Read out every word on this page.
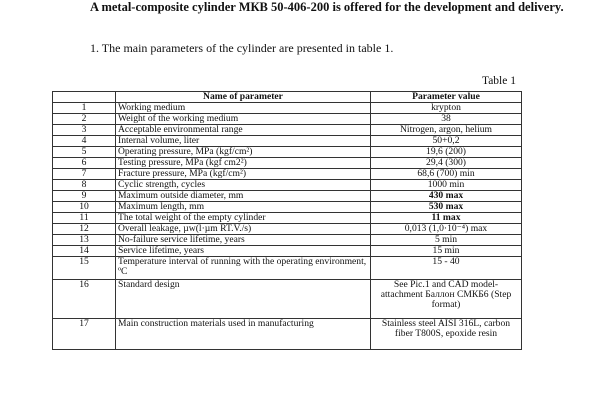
A metal-composite cylinder МКВ 50-406-200 is offered for the development and delivery.
1. The main parameters of the cylinder are presented in table 1.
Table 1
	Name of parameter	Parameter value
1	Working medium	krypton
2	Weight of the working medium	38
3	Acceptable environmental range	Nitrogen, argon, helium
4	Internal volume, liter	50+0,2
5	Operating pressure, MPa (kgf/cm²)	19,6 (200)
6	Testing pressure, MPa (kgf cm2²)	29,4 (300)
7	Fracture pressure, MPa (kgf/cm²)	68,6 (700) min
8	Cyclic strength, cycles	1000 min
9	Maximum outside diameter, mm	430 max
10	Maximum length, mm	530 max
11	The total weight of the empty cylinder	11 max
12	Overall leakage, µw(l·µm RT.V./s)	0,013 (1,0·10⁻⁴) max
13	No-failure service lifetime, years	5 min
14	Service lifetime, years	15 min
15	Temperature interval of running with the operating environment, ºC	15 - 40
16	Standard design	See Pic.1 and CAD model-attachment Баллон СМКБ6 (Step format)
17	Main construction materials used in manufacturing	Stainless steel AISI 316L, carbon fiber T800S, epoxide resin
